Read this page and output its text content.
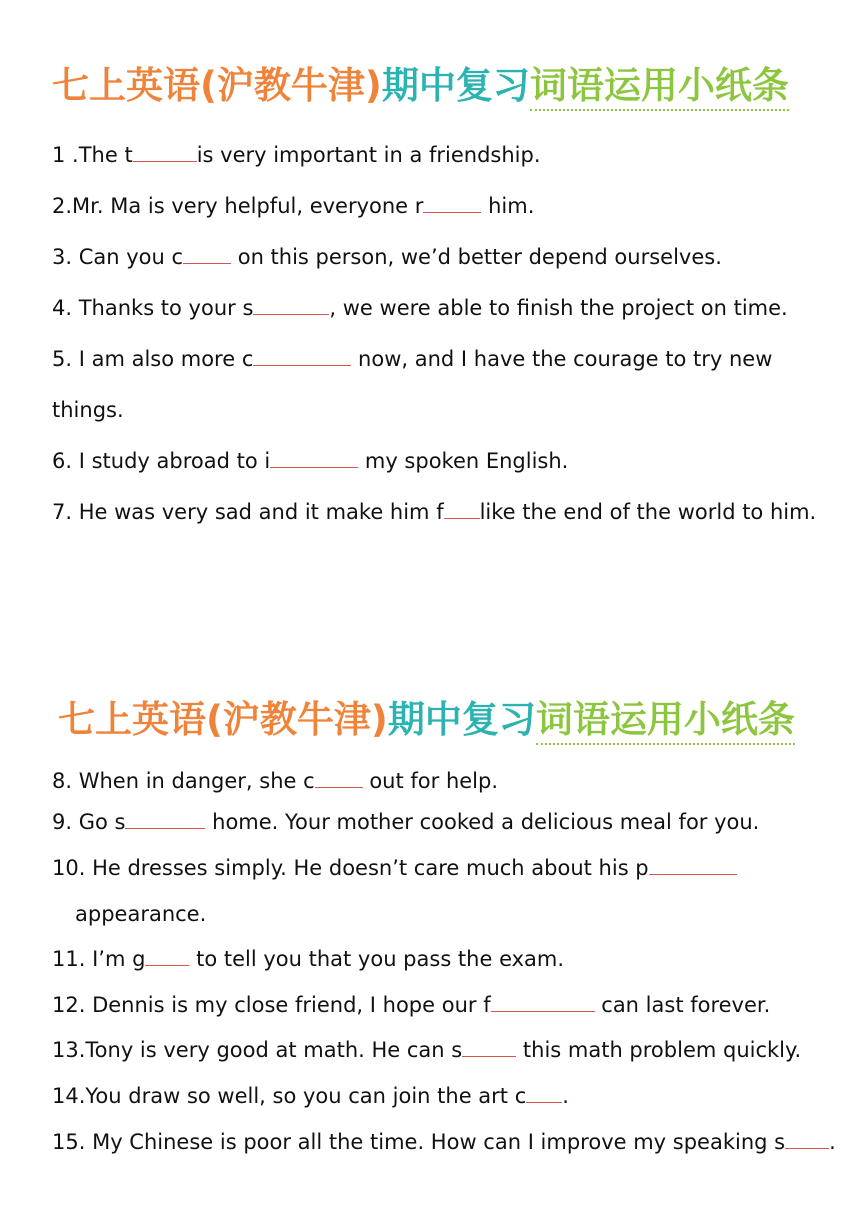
七上英语(沪教牛津)期中复习词语运用小纸条
1 .The t	is very important in a friendship.
2.Mr. Ma is very helpful, everyone r	him.
3. Can you c on this person, we’d better depend ourselves.
4. Thanks to your s	, we were able to finish the project on time.
5. I am also more c	now, and I have the courage to try new
things.
6. I study abroad to i	my spoken English.
7. He was very sad and it make him f like the end of the world to him.
七上英语(沪教牛津)期中复习词语运用小纸条
8. When in danger, she c out for help.
9. Go s	home. Your mother cooked a delicious meal for you.
10. He dresses simply. He doesn’t care much about his p
appearance.
11. I’m g to tell you that you pass the exam.
12. Dennis is my close friend, I hope our f	can last forever.
13.Tony is very good at math. He can s	this math problem quickly.
14.You draw so well, so you can join the art c .
15. My Chinese is poor all the time. How can I improve my speaking s .
